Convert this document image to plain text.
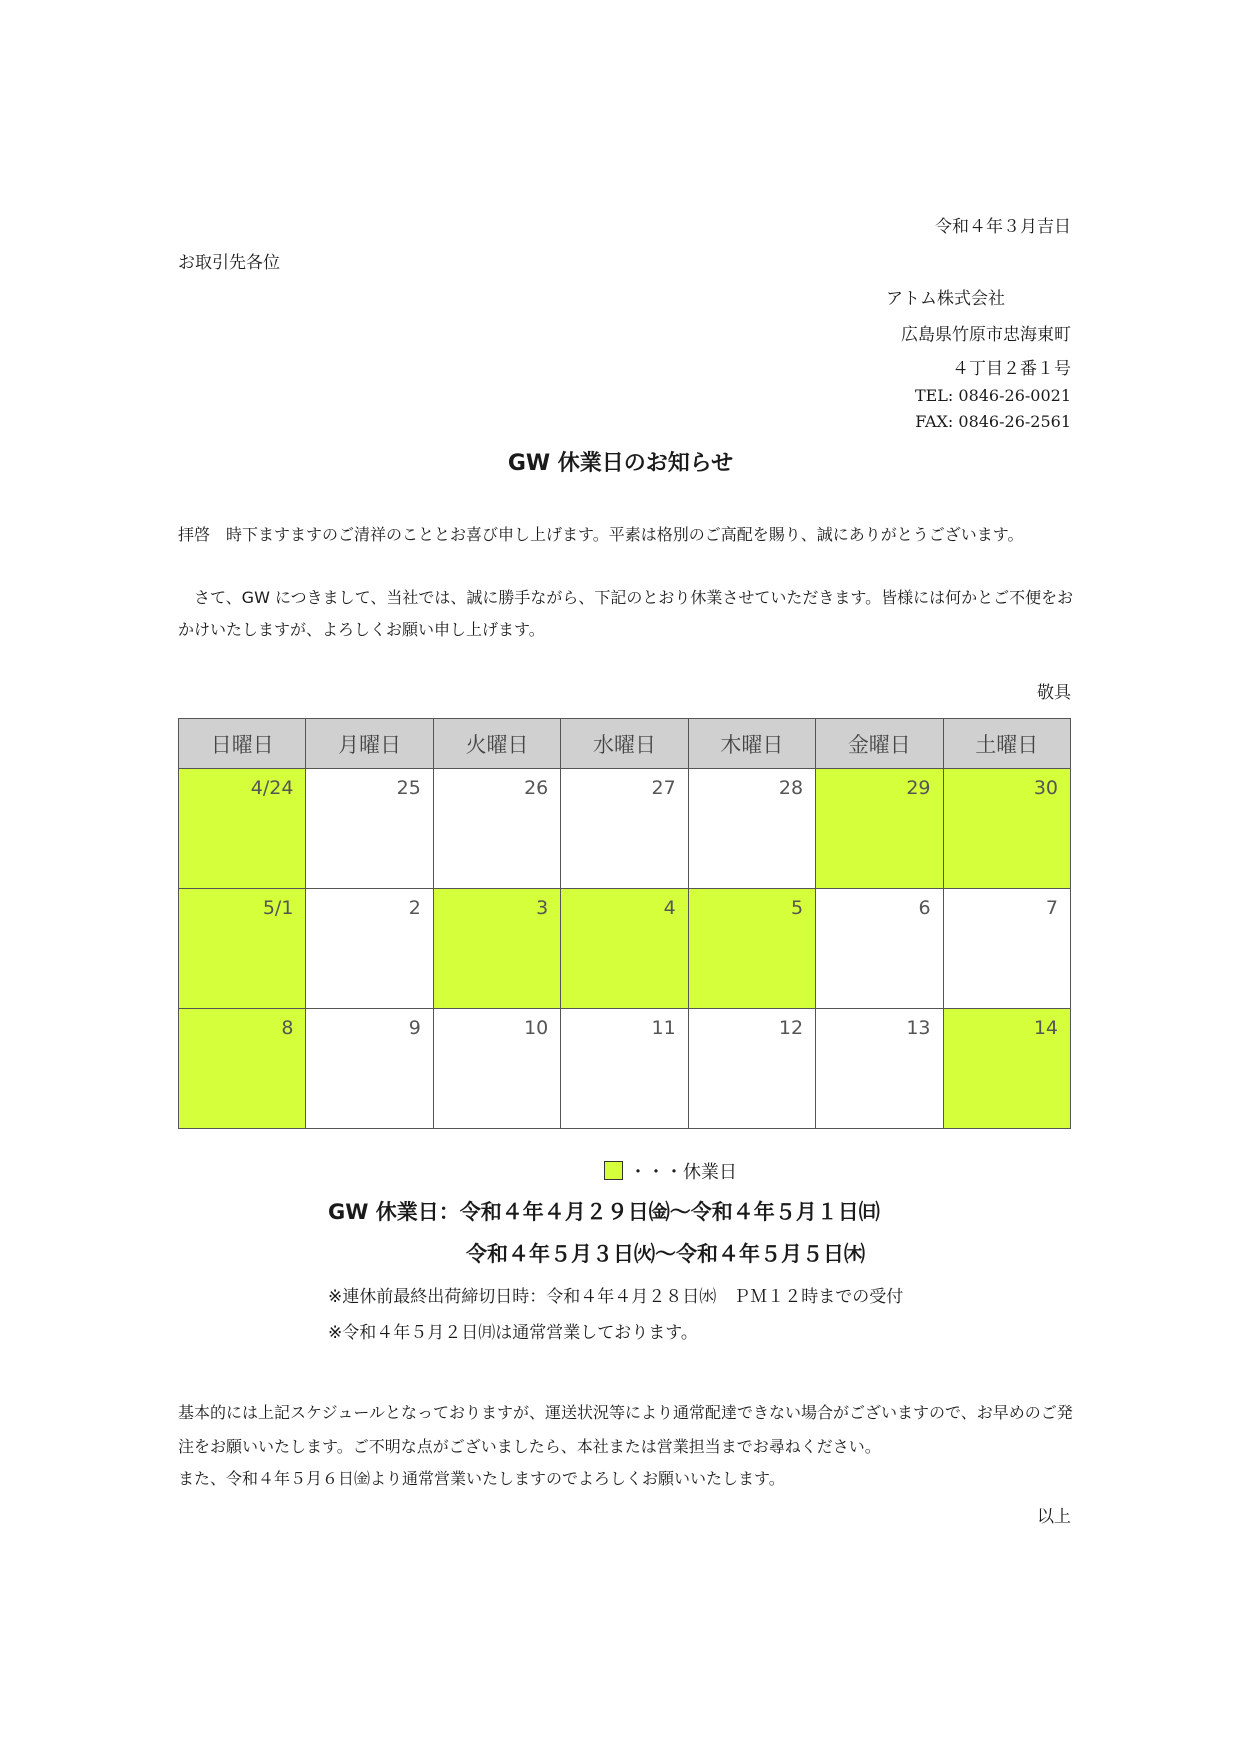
令和４年３月吉日
お取引先各位
アトム株式会社
広島県竹原市忠海東町
４丁目２番１号
TEL: 0846-26-0021
FAX: 0846-26-2561
GW 休業日のお知らせ
拝啓　時下ますますのご清祥のこととお喜び申し上げます。平素は格別のご高配を賜り、誠にありがとうございます。
　さて、GW につきまして、当社では、誠に勝手ながら、下記のとおり休業させていただきます。皆様には何かとご不便をおかけいたしますが、よろしくお願い申し上げます。
敬具
日曜日	月曜日	火曜日	水曜日	木曜日	金曜日	土曜日
4/24	25	26	27	28	29	30
5/1	2	3	4	5	6	7
8	9	10	11	12	13	14
・・・休業日
GW 休業日：令和４年４月２９日㈮～令和４年５月１日㈰
令和４年５月３日㈫～令和４年５月５日㈭
※連休前最終出荷締切日時：令和４年４月２８日㈬　ＰＭ１２時までの受付
※令和４年５月２日㈪は通常営業しております。
基本的には上記スケジュールとなっておりますが、運送状況等により通常配達できない場合がございますので、お早めのご発注をお願いいたします。ご不明な点がございましたら、本社または営業担当までお尋ねください。
また、令和４年５月６日㈮より通常営業いたしますのでよろしくお願いいたします。
以上
